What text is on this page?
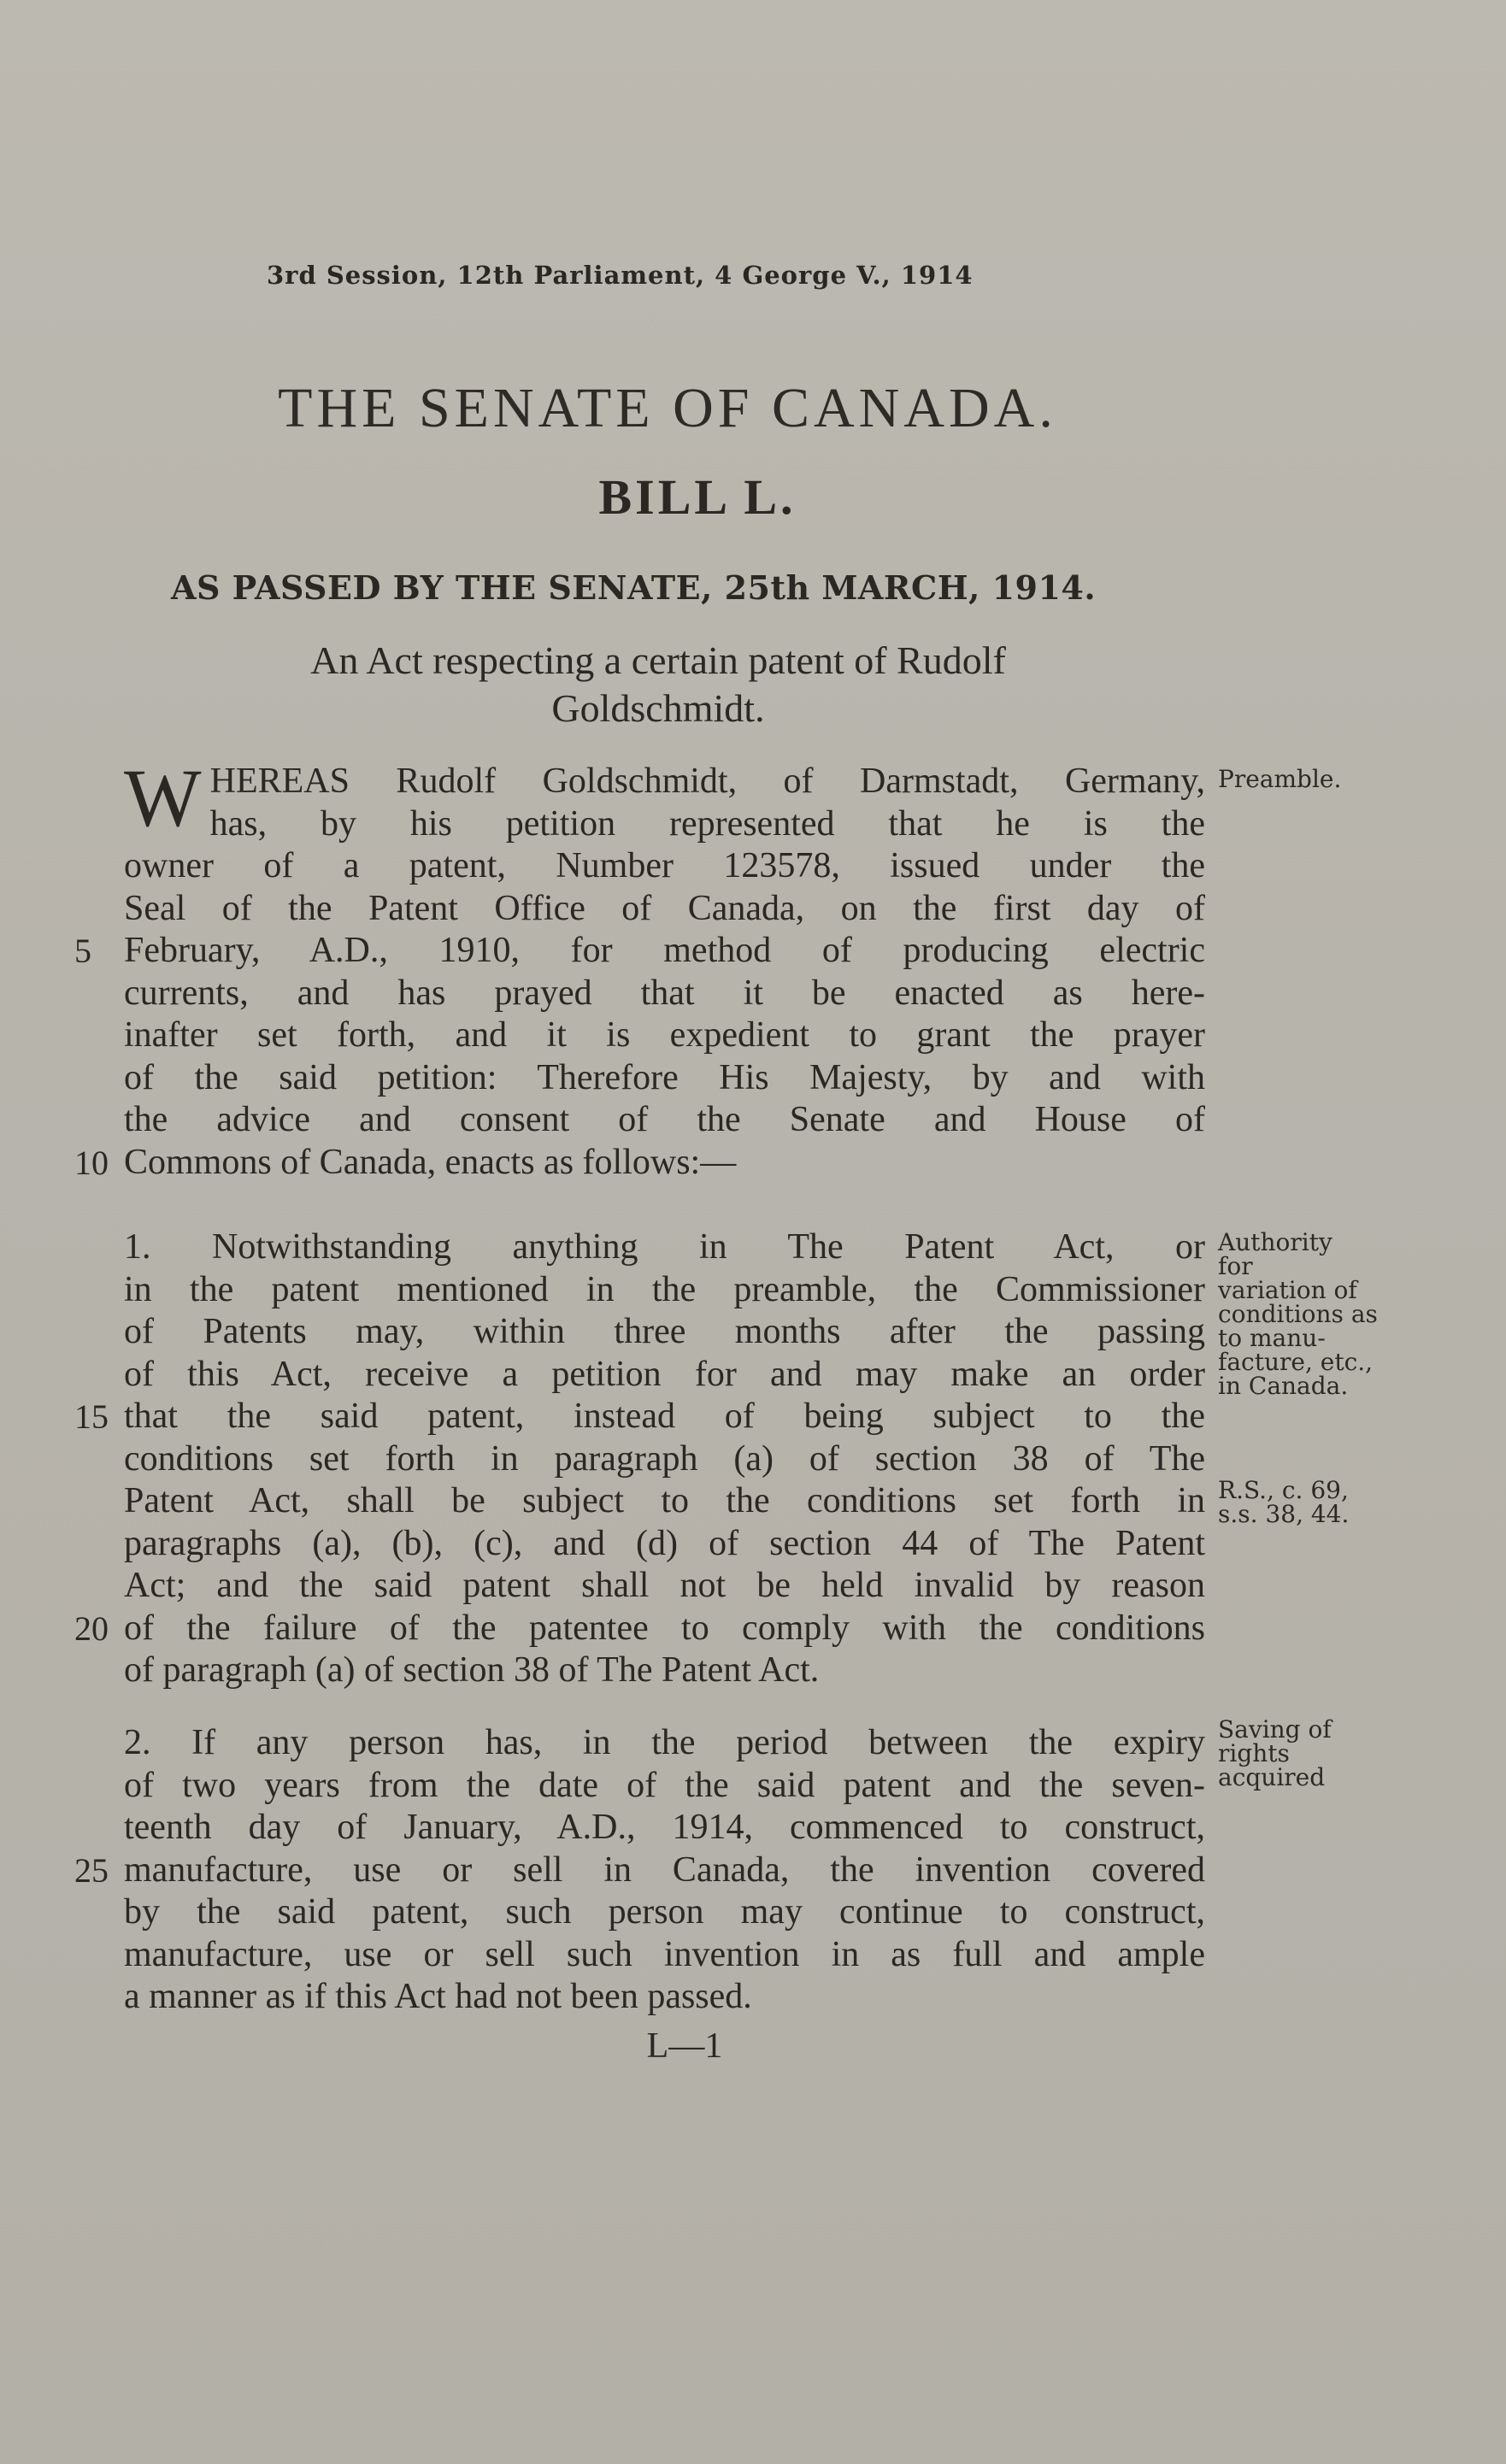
3rd Session, 12th Parliament, 4 George V., 1914
THE SENATE OF CANADA.
BILL L.
AS PASSED BY THE SENATE, 25th MARCH, 1914.
An Act respecting a certain patent of Rudolf
Goldschmidt.
W HEREAS Rudolf Goldschmidt, of Darmstadt, Germany,
has, by his petition represented that he is the
owner of a patent, Number 123578, issued under the
Seal of the Patent Office of Canada, on the first day of
5 February, A.D., 1910, for method of producing electric
currents, and has prayed that it be enacted as here-
inafter set forth, and it is expedient to grant the prayer
of the said petition: Therefore His Majesty, by and with
the advice and consent of the Senate and House of
10 Commons of Canada, enacts as follows:—
Preamble.
1. Notwithstanding anything in The Patent Act, or
in the patent mentioned in the preamble, the Commissioner
of Patents may, within three months after the passing
of this Act, receive a petition for and may make an order
15 that the said patent, instead of being subject to the
conditions set forth in paragraph (a) of section 38 of The
Patent Act, shall be subject to the conditions set forth in
paragraphs (a), (b), (c), and (d) of section 44 of The Patent
Act; and the said patent shall not be held invalid by reason
20 of the failure of the patentee to comply with the conditions
of paragraph (a) of section 38 of The Patent Act.
Authority
for
variation of
conditions as
to manu-
facture, etc.,
in Canada.
R.S., c. 69,
s.s. 38, 44.
2. If any person has, in the period between the expiry
of two years from the date of the said patent and the seven-
teenth day of January, A.D., 1914, commenced to construct,
25 manufacture, use or sell in Canada, the invention covered
by the said patent, such person may continue to construct,
manufacture, use or sell such invention in as full and ample
a manner as if this Act had not been passed.
Saving of
rights
acquired
L—1
